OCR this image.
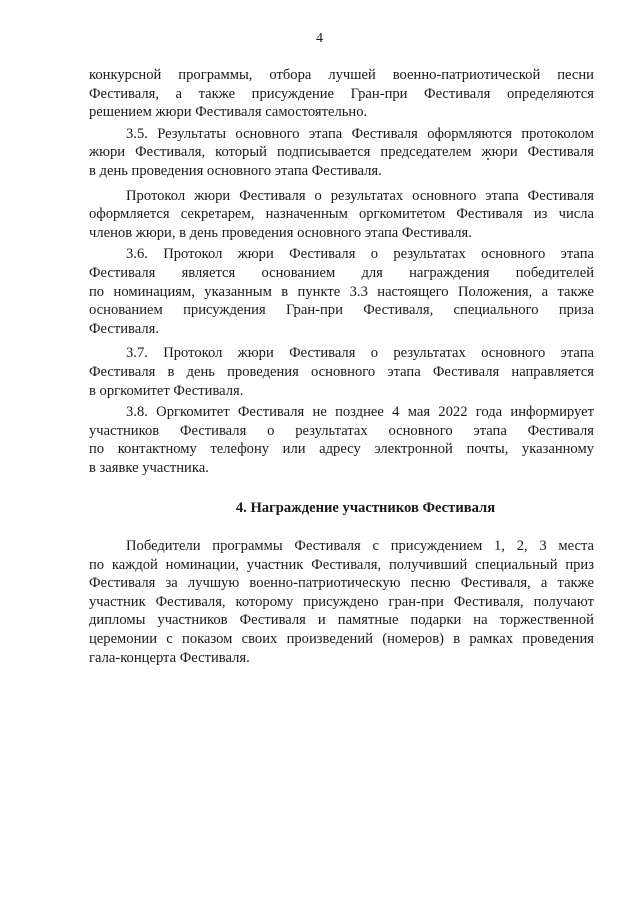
4
конкурсной программы, отбора лучшей военно-патриотической песни
Фестиваля, а также присуждение Гран-при Фестиваля определяются
решением жюри Фестиваля самостоятельно.
3.5. Результаты основного этапа Фестиваля оформляются протоколом
жюри Фестиваля, который подписывается председателем жюри Фестиваля
в день проведения основного этапа Фестиваля.
Протокол жюри Фестиваля о результатах основного этапа Фестиваля
оформляется секретарем, назначенным оргкомитетом Фестиваля из числа
членов жюри, в день проведения основного этапа Фестиваля.
3.6. Протокол жюри Фестиваля о результатах основного этапа
Фестиваля является основанием для награждения победителей
по номинациям, указанным в пункте 3.3 настоящего Положения, а также
основанием присуждения Гран-при Фестиваля, специального приза
Фестиваля.
3.7. Протокол жюри Фестиваля о результатах основного этапа
Фестиваля в день проведения основного этапа Фестиваля направляется
в оргкомитет Фестиваля.
3.8. Оргкомитет Фестиваля не позднее 4 мая 2022 года информирует
участников Фестиваля о результатах основного этапа Фестиваля
по контактному телефону или адресу электронной почты, указанному
в заявке участника.
4. Награждение участников Фестиваля
Победители программы Фестиваля с присуждением 1, 2, 3 места
по каждой номинации, участник Фестиваля, получивший специальный приз
Фестиваля за лучшую военно-патриотическую песню Фестиваля, а также
участник Фестиваля, которому присуждено гран-при Фестиваля, получают
дипломы участников Фестиваля и памятные подарки на торжественной
церемонии с показом своих произведений (номеров) в рамках проведения
гала-концерта Фестиваля.
